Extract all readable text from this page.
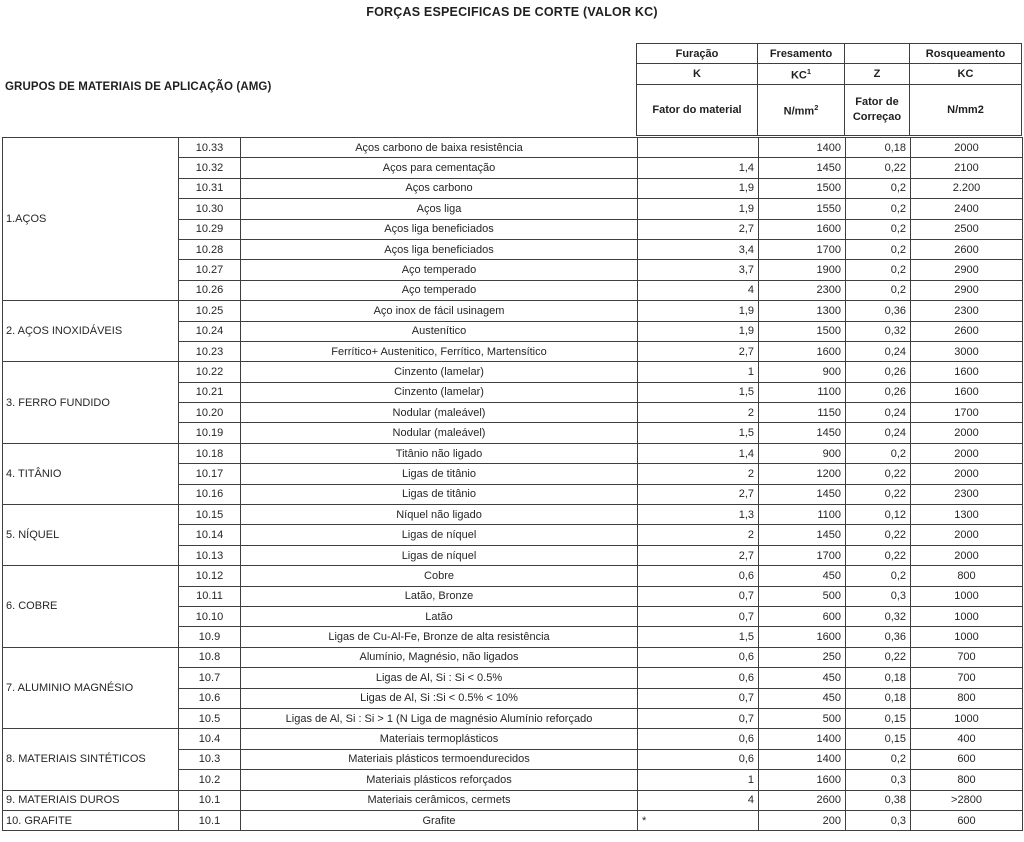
FORÇAS ESPECIFICAS DE CORTE (VALOR KC)
GRUPOS DE MATERIAIS DE APLICAÇÃO (AMG)
Furação	Fresamento		Rosqueamento
K	$KC^1$	Z	KC
Fator do material	$N/mm^2$	Fator de Correçao	N/mm2
1.AÇOS	10.33	Aços carbono de baixa resistência		1400	0,18	2000
	10.32	Aços para cementação	1,4	1450	0,22	2100
	10.31	Aços carbono	1,9	1500	0,2	2.200
	10.30	Aços liga	1,9	1550	0,2	2400
	10.29	Aços liga beneficiados	2,7	1600	0,2	2500
	10.28	Aços liga beneficiados	3,4	1700	0,2	2600
	10.27	Aço temperado	3,7	1900	0,2	2900
	10.26	Aço temperado	4	2300	0,2	2900
2. AÇOS INOXIDÁVEIS	10.25	Aço inox de fácil usinagem	1,9	1300	0,36	2300
	10.24	Austenítico	1,9	1500	0,32	2600
	10.23	Ferrítico+ Austenitico, Ferrítico, Martensítico	2,7	1600	0,24	3000
3. FERRO FUNDIDO	10.22	Cinzento (lamelar)	1	900	0,26	1600
	10.21	Cinzento (lamelar)	1,5	1100	0,26	1600
	10.20	Nodular (maleável)	2	1150	0,24	1700
	10.19	Nodular (maleável)	1,5	1450	0,24	2000
4. TITÂNIO	10.18	Titânio não ligado	1,4	900	0,2	2000
	10.17	Ligas de titânio	2	1200	0,22	2000
	10.16	Ligas de titânio	2,7	1450	0,22	2300
5. NÍQUEL	10.15	Níquel não ligado	1,3	1100	0,12	1300
	10.14	Ligas de níquel	2	1450	0,22	2000
	10.13	Ligas de níquel	2,7	1700	0,22	2000
6. COBRE	10.12	Cobre	0,6	450	0,2	800
	10.11	Latão, Bronze	0,7	500	0,3	1000
	10.10	Latão	0,7	600	0,32	1000
	10.9	Ligas de Cu-Al-Fe, Bronze de alta resistência	1,5	1600	0,36	1000
7. ALUMINIO MAGNÉSIO	10.8	Alumínio, Magnésio, não ligados	0,6	250	0,22	700
	10.7	Ligas de Al, Si : Si < 0.5%	0,6	450	0,18	700
	10.6	Ligas de Al, Si :Si < 0.5% < 10%	0,7	450	0,18	800
	10.5	Ligas de Al, Si : Si > 1 (N Liga de magnésio Alumínio reforçado	0,7	500	0,15	1000
8. MATERIAIS SINTÉTICOS	10.4	Materiais termoplásticos	0,6	1400	0,15	400
	10.3	Materiais plásticos termoendurecidos	0,6	1400	0,2	600
	10.2	Materiais plásticos reforçados	1	1600	0,3	800
9. MATERIAIS DUROS	10.1	Materiais cerâmicos, cermets	4	2600	0,38	>2800
10. GRAFITE	10.1	Grafite	*	200	0,3	600
